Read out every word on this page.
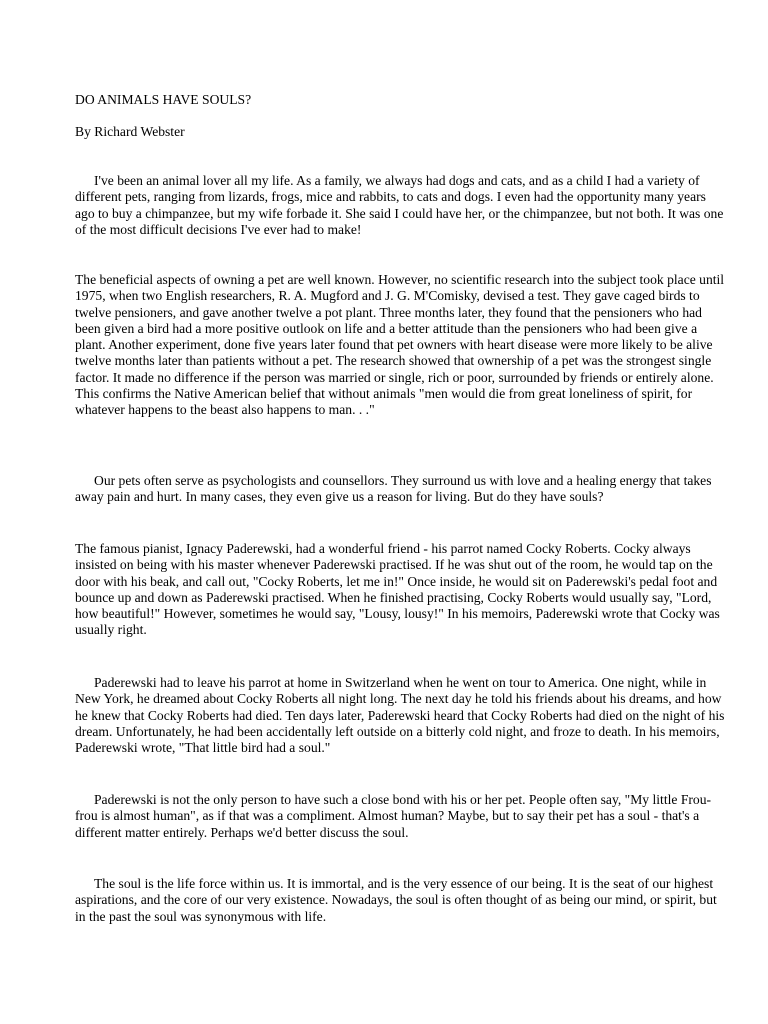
DO ANIMALS HAVE SOULS?

By Richard Webster

I've been an animal lover all my life. As a family, we always had dogs and cats, and as a child I had a variety of different pets, ranging from lizards, frogs, mice and rabbits, to cats and dogs. I even had the opportunity many years ago to buy a chimpanzee, but my wife forbade it. She said I could have her, or the chimpanzee, but not both. It was one of the most difficult decisions I've ever had to make!

The beneficial aspects of owning a pet are well known. However, no scientific research into the subject took place until 1975, when two English researchers, R. A. Mugford and J. G. M'Comisky, devised a test. They gave caged birds to twelve pensioners, and gave another twelve a pot plant. Three months later, they found that the pensioners who had been given a bird had a more positive outlook on life and a better attitude than the pensioners who had been give a plant. Another experiment, done five years later found that pet owners with heart disease were more likely to be alive twelve months later than patients without a pet. The research showed that ownership of a pet was the strongest single factor. It made no difference if the person was married or single, rich or poor, surrounded by friends or entirely alone. This confirms the Native American belief that without animals "men would die from great loneliness of spirit, for whatever happens to the beast also happens to man. . ."

Our pets often serve as psychologists and counsellors. They surround us with love and a healing energy that takes away pain and hurt. In many cases, they even give us a reason for living. But do they have souls?

The famous pianist, Ignacy Paderewski, had a wonderful friend - his parrot named Cocky Roberts. Cocky always insisted on being with his master whenever Paderewski practised. If he was shut out of the room, he would tap on the door with his beak, and call out, "Cocky Roberts, let me in!" Once inside, he would sit on Paderewski's pedal foot and bounce up and down as Paderewski practised. When he finished practising, Cocky Roberts would usually say, "Lord, how beautiful!" However, sometimes he would say, "Lousy, lousy!" In his memoirs, Paderewski wrote that Cocky was usually right.

Paderewski had to leave his parrot at home in Switzerland when he went on tour to America. One night, while in New York, he dreamed about Cocky Roberts all night long. The next day he told his friends about his dreams, and how he knew that Cocky Roberts had died. Ten days later, Paderewski heard that Cocky Roberts had died on the night of his dream. Unfortunately, he had been accidentally left outside on a bitterly cold night, and froze to death. In his memoirs, Paderewski wrote, "That little bird had a soul."

Paderewski is not the only person to have such a close bond with his or her pet. People often say, "My little Frou-frou is almost human", as if that was a compliment. Almost human? Maybe, but to say their pet has a soul - that's a different matter entirely. Perhaps we'd better discuss the soul.

The soul is the life force within us. It is immortal, and is the very essence of our being. It is the seat of our highest aspirations, and the core of our very existence. Nowadays, the soul is often thought of as being our mind, or spirit, but in the past the soul was synonymous with life.
